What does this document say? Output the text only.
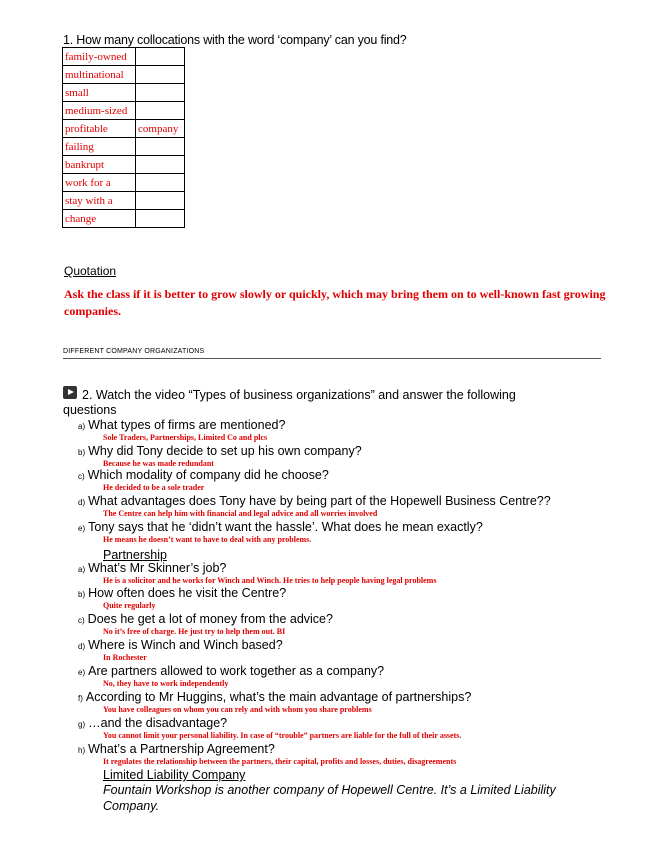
1. How many collocations with the word ‘company’ can you find?
family-owned	
multinational	
small	
medium-sized	
profitable	company
failing	
bankrupt	
work for a	
stay with a	
change	
Quotation
Ask the class if it is better to grow slowly or quickly, which may bring them on to well-known fast growing companies.
DIFFERENT COMPANY ORGANIZATIONS
2. Watch the video “Types of business organizations” and answer the following
questions
a) What types of firms are mentioned?
Sole Traders, Partnerships, Limited Co and plcs
b) Why did Tony decide to set up his own company?
Because he was made redundant
c) Which modality of company did he choose?
He decided to be a sole trader
d) What advantages does Tony have by being part of the Hopewell Business Centre??
The Centre can help him with financial and legal advice and all worries involved
e) Tony says that he ‘didn’t want the hassle’. What does he mean exactly?
He means he doesn’t want to have to deal with any problems.
a) What’s Mr Skinner’s job?
He is a solicitor and he works for Winch and Winch. He tries to help people having legal problems
b) How often does he visit the Centre?
Quite regularly
c) Does he get a lot of money from the advice?
No it’s free of charge. He just try to help them out. BI
d) Where is Winch and Winch based?
In Rochester
e) Are partners allowed to work together as a company?
No, they have to work independently
f) According to Mr Huggins, what’s the main advantage of partnerships?
You have colleagues on whom you can rely and with whom you share problems
g) …and the disadvantage?
You cannot limit your personal liability. In case of “trouble” partners are liable for the full of their assets.
h) What’s a Partnership Agreement?
It regulates the relationship between the partners, their capital, profits and losses, duties, disagreements
Partnership
Limited Liability Company
Fountain Workshop is another company of Hopewell Centre. It’s a Limited Liability Company.
